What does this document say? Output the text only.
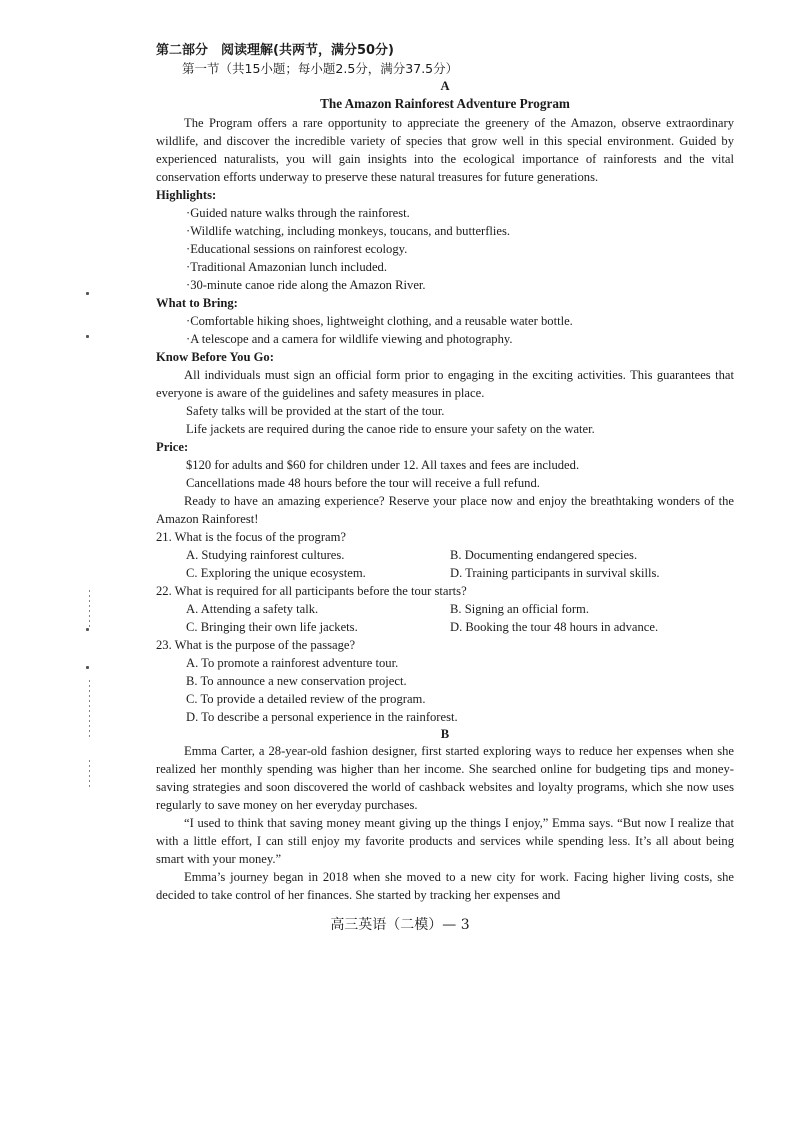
第二部分　阅读理解(共两节，满分50分)
第一节（共15小题；每小题2.5分，满分37.5分）
A
The Amazon Rainforest Adventure Program
The Program offers a rare opportunity to appreciate the greenery of the Amazon, observe extraordinary wildlife, and discover the incredible variety of species that grow well in this special environment. Guided by experienced naturalists, you will gain insights into the ecological importance of rainforests and the vital conservation efforts underway to preserve these natural treasures for future generations.
Highlights:
·Guided nature walks through the rainforest.
·Wildlife watching, including monkeys, toucans, and butterflies.
·Educational sessions on rainforest ecology.
·Traditional Amazonian lunch included.
·30-minute canoe ride along the Amazon River.
What to Bring:
·Comfortable hiking shoes, lightweight clothing, and a reusable water bottle.
·A telescope and a camera for wildlife viewing and photography.
Know Before You Go:
All individuals must sign an official form prior to engaging in the exciting activities. This guarantees that everyone is aware of the guidelines and safety measures in place.
Safety talks will be provided at the start of the tour.
Life jackets are required during the canoe ride to ensure your safety on the water.
Price:
$120 for adults and $60 for children under 12. All taxes and fees are included.
Cancellations made 48 hours before the tour will receive a full refund.
Ready to have an amazing experience? Reserve your place now and enjoy the breathtaking wonders of the Amazon Rainforest!
21. What is the focus of the program?
A. Studying rainforest cultures.	B. Documenting endangered species.
C. Exploring the unique ecosystem.	D. Training participants in survival skills.
22. What is required for all participants before the tour starts?
A. Attending a safety talk.	B. Signing an official form.
C. Bringing their own life jackets.	D. Booking the tour 48 hours in advance.
23. What is the purpose of the passage?
A. To promote a rainforest adventure tour.
B. To announce a new conservation project.
C. To provide a detailed review of the program.
D. To describe a personal experience in the rainforest.
B
Emma Carter, a 28-year-old fashion designer, first started exploring ways to reduce her expenses when she realized her monthly spending was higher than her income. She searched online for budgeting tips and money-saving strategies and soon discovered the world of cashback websites and loyalty programs, which she now uses regularly to save money on her everyday purchases.
“I used to think that saving money meant giving up the things I enjoy,” Emma says. “But now I realize that with a little effort, I can still enjoy my favorite products and services while spending less. It’s all about being smart with your money.”
Emma’s journey began in 2018 when she moved to a new city for work. Facing higher living costs, she decided to take control of her finances. She started by tracking her expenses and
高三英语（二模）— 3
